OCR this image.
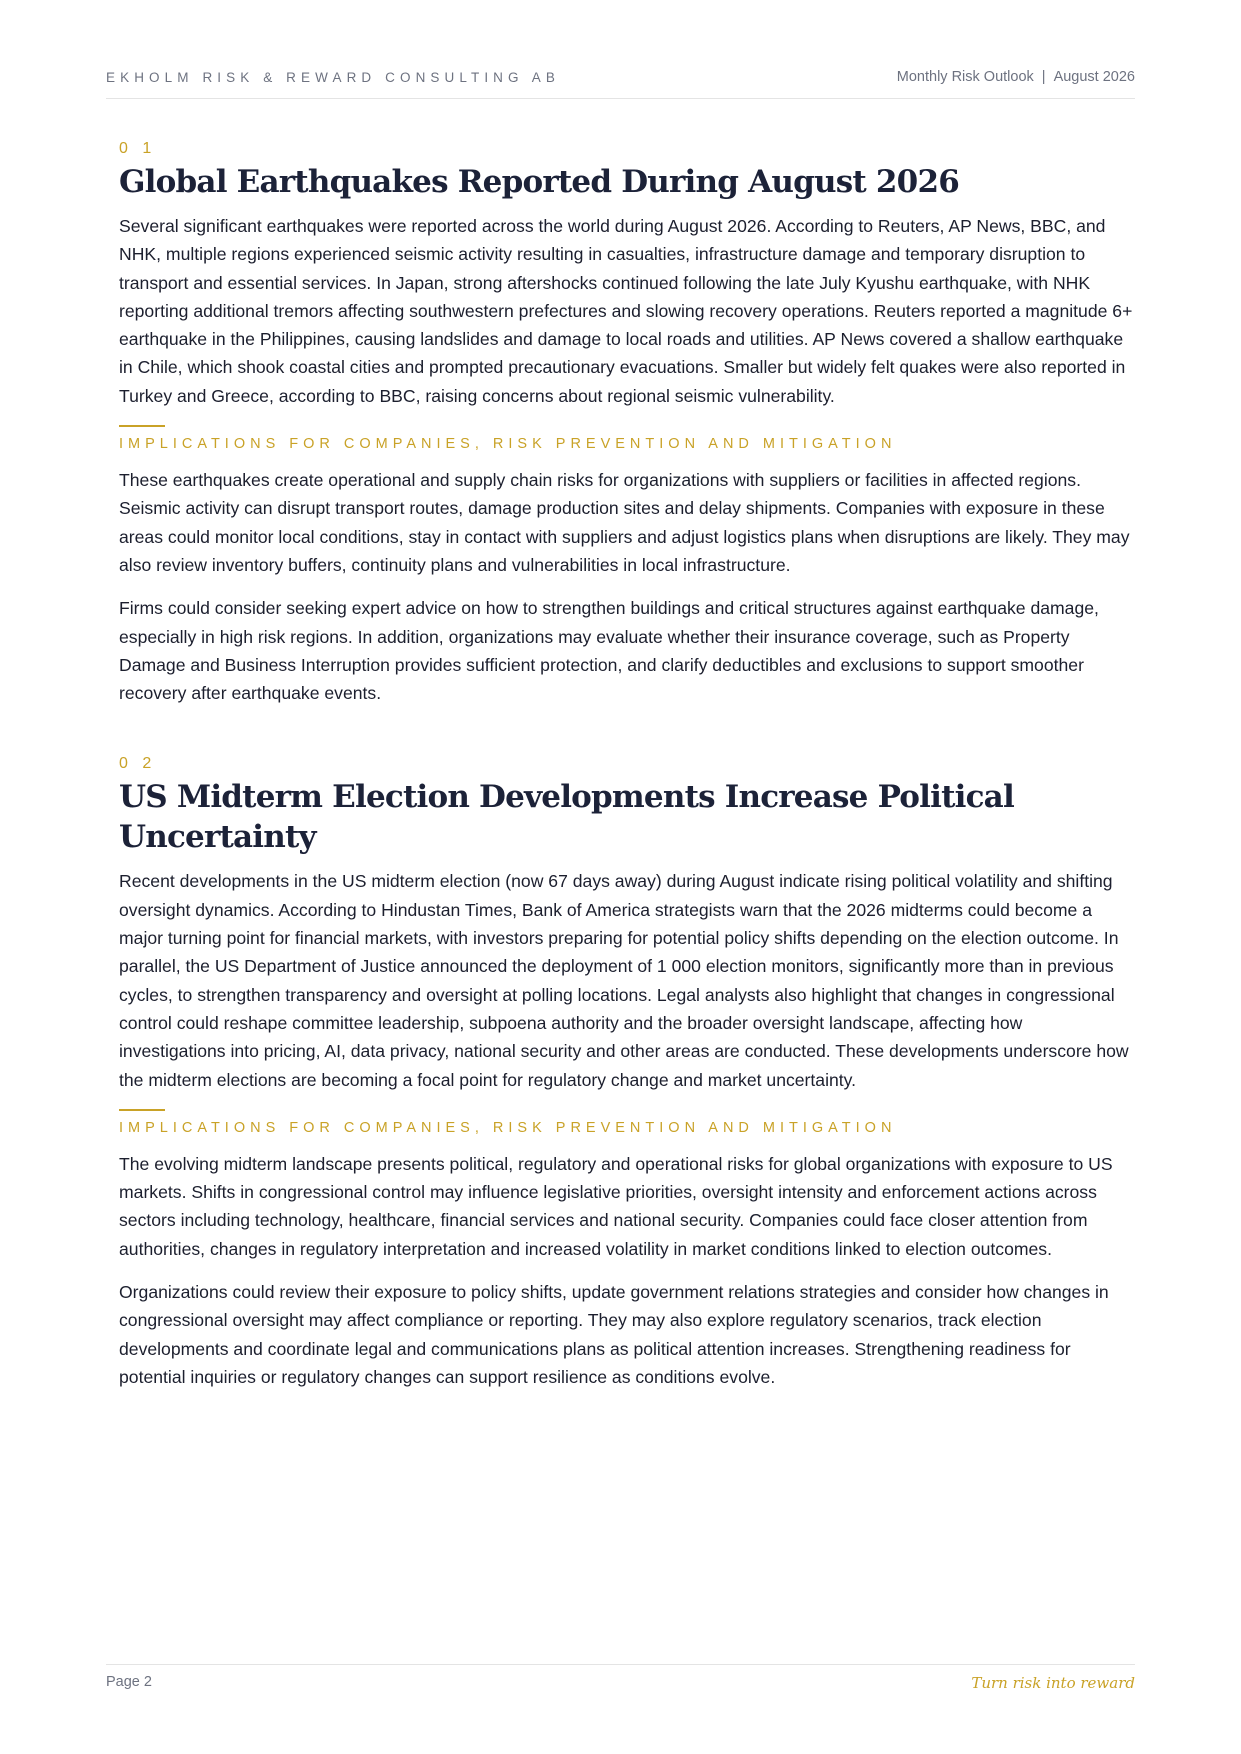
EKHOLM RISK & REWARD CONSULTING AB	Monthly Risk Outlook | August 2026
0 1
Global Earthquakes Reported During August 2026

Several significant earthquakes were reported across the world during August 2026. According to Reuters, AP News, BBC, and NHK, multiple regions experienced seismic activity resulting in casualties, infrastructure damage and temporary disruption to transport and essential services. In Japan, strong aftershocks continued following the late July Kyushu earthquake, with NHK reporting additional tremors affecting southwestern prefectures and slowing recovery operations. Reuters reported a magnitude 6+ earthquake in the Philippines, causing landslides and damage to local roads and utilities. AP News covered a shallow earthquake in Chile, which shook coastal cities and prompted precautionary evacuations. Smaller but widely felt quakes were also reported in Turkey and Greece, according to BBC, raising concerns about regional seismic vulnerability.

IMPLICATIONS FOR COMPANIES, RISK PREVENTION AND MITIGATION

These earthquakes create operational and supply chain risks for organizations with suppliers or facilities in affected regions. Seismic activity can disrupt transport routes, damage production sites and delay shipments. Companies with exposure in these areas could monitor local conditions, stay in contact with suppliers and adjust logistics plans when disruptions are likely. They may also review inventory buffers, continuity plans and vulnerabilities in local infrastructure.

Firms could consider seeking expert advice on how to strengthen buildings and critical structures against earthquake damage, especially in high risk regions. In addition, organizations may evaluate whether their insurance coverage, such as Property Damage and Business Interruption provides sufficient protection, and clarify deductibles and exclusions to support smoother recovery after earthquake events.

0 2
US Midterm Election Developments Increase Political Uncertainty

Recent developments in the US midterm election (now 67 days away) during August indicate rising political volatility and shifting oversight dynamics. According to Hindustan Times, Bank of America strategists warn that the 2026 midterms could become a major turning point for financial markets, with investors preparing for potential policy shifts depending on the election outcome. In parallel, the US Department of Justice announced the deployment of 1 000 election monitors, significantly more than in previous cycles, to strengthen transparency and oversight at polling locations. Legal analysts also highlight that changes in congressional control could reshape committee leadership, subpoena authority and the broader oversight landscape, affecting how investigations into pricing, AI, data privacy, national security and other areas are conducted. These developments underscore how the midterm elections are becoming a focal point for regulatory change and market uncertainty.

IMPLICATIONS FOR COMPANIES, RISK PREVENTION AND MITIGATION

The evolving midterm landscape presents political, regulatory and operational risks for global organizations with exposure to US markets. Shifts in congressional control may influence legislative priorities, oversight intensity and enforcement actions across sectors including technology, healthcare, financial services and national security. Companies could face closer attention from authorities, changes in regulatory interpretation and increased volatility in market conditions linked to election outcomes.

Organizations could review their exposure to policy shifts, update government relations strategies and consider how changes in congressional oversight may affect compliance or reporting. They may also explore regulatory scenarios, track election developments and coordinate legal and communications plans as political attention increases. Strengthening readiness for potential inquiries or regulatory changes can support resilience as conditions evolve.

Page 2	Turn risk into reward
